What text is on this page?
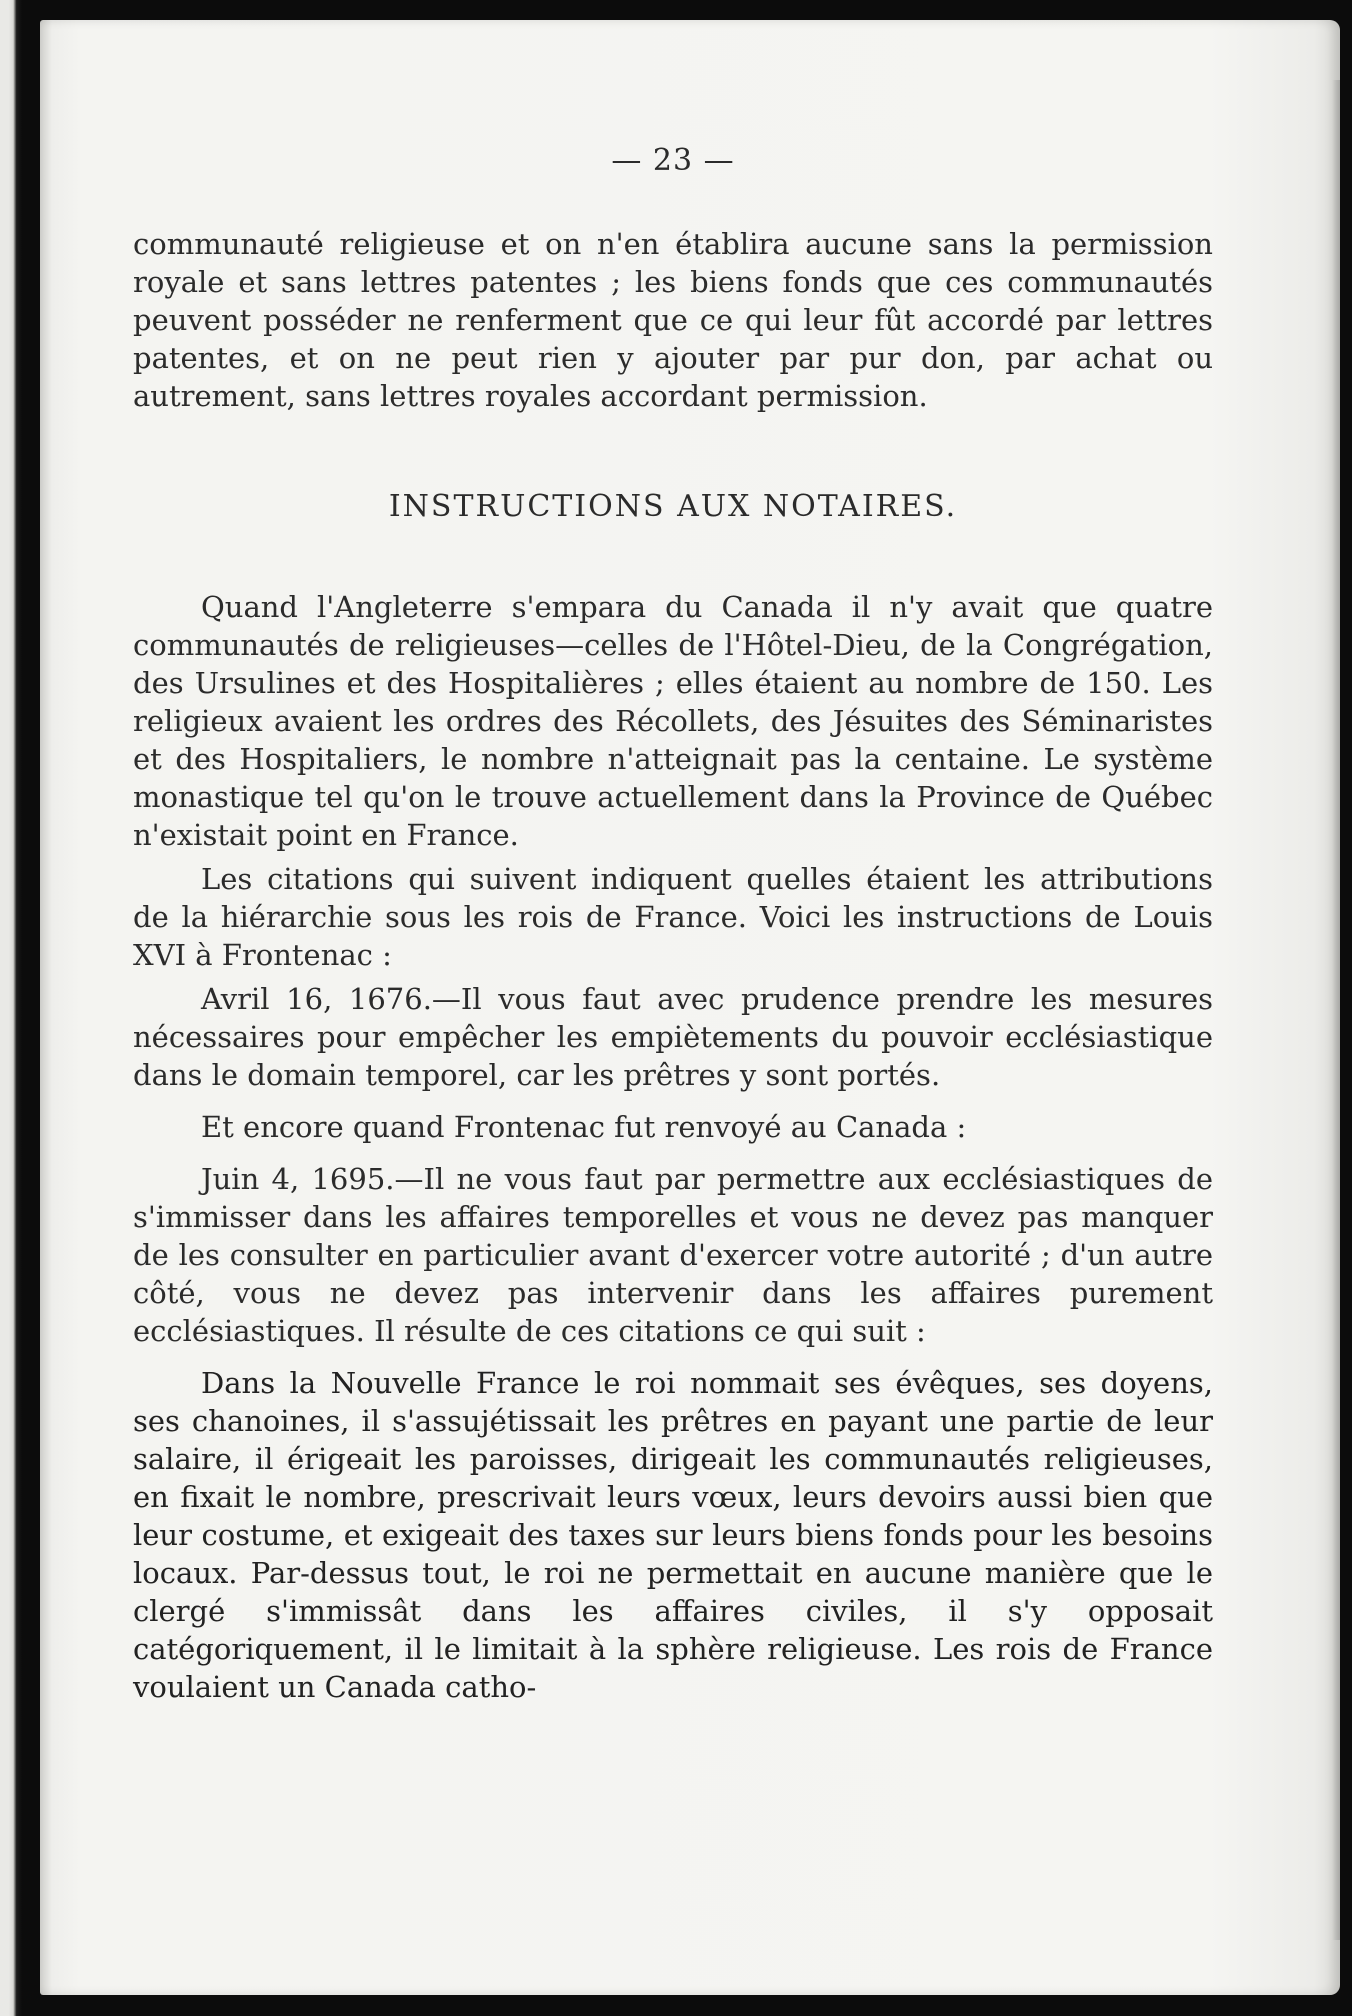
— 23 —

communauté religieuse et on n'en établira aucune sans la permission royale et sans lettres patentes ; les biens fonds que ces communautés peuvent posséder ne renferment que ce qui leur fût accordé par lettres patentes, et on ne peut rien y ajouter par pur don, par achat ou autrement, sans lettres royales accordant permission.

INSTRUCTIONS AUX NOTAIRES.

Quand l'Angleterre s'empara du Canada il n'y avait que quatre communautés de religieuses—celles de l'Hôtel-Dieu, de la Congrégation, des Ursulines et des Hospitalières ; elles étaient au nombre de 150. Les religieux avaient les ordres des Récollets, des Jésuites des Séminaristes et des Hospitaliers, le nombre n'atteignait pas la centaine. Le système monastique tel qu'on le trouve actuellement dans la Province de Québec n'existait point en France.

Les citations qui suivent indiquent quelles étaient les attributions de la hiérarchie sous les rois de France. Voici les instructions de Louis XVI à Frontenac :

Avril 16, 1676.—Il vous faut avec prudence prendre les mesures nécessaires pour empêcher les empiètements du pouvoir ecclésiastique dans le domain temporel, car les prêtres y sont portés.

Et encore quand Frontenac fut renvoyé au Canada :

Juin 4, 1695.—Il ne vous faut par permettre aux ecclésiastiques de s'immisser dans les affaires temporelles et vous ne devez pas manquer de les consulter en particulier avant d'exercer votre autorité ; d'un autre côté, vous ne devez pas intervenir dans les affaires purement ecclésiastiques. Il résulte de ces citations ce qui suit :

Dans la Nouvelle France le roi nommait ses évêques, ses doyens, ses chanoines, il s'assujétissait les prêtres en payant une partie de leur salaire, il érigeait les paroisses, dirigeait les communautés religieuses, en fixait le nombre, prescrivait leurs vœux, leurs devoirs aussi bien que leur costume, et exigeait des taxes sur leurs biens fonds pour les besoins locaux. Par-dessus tout, le roi ne permettait en aucune manière que le clergé s'immissât dans les affaires civiles, il s'y opposait catégoriquement, il le limitait à la sphère religieuse. Les rois de France voulaient un Canada catho-
